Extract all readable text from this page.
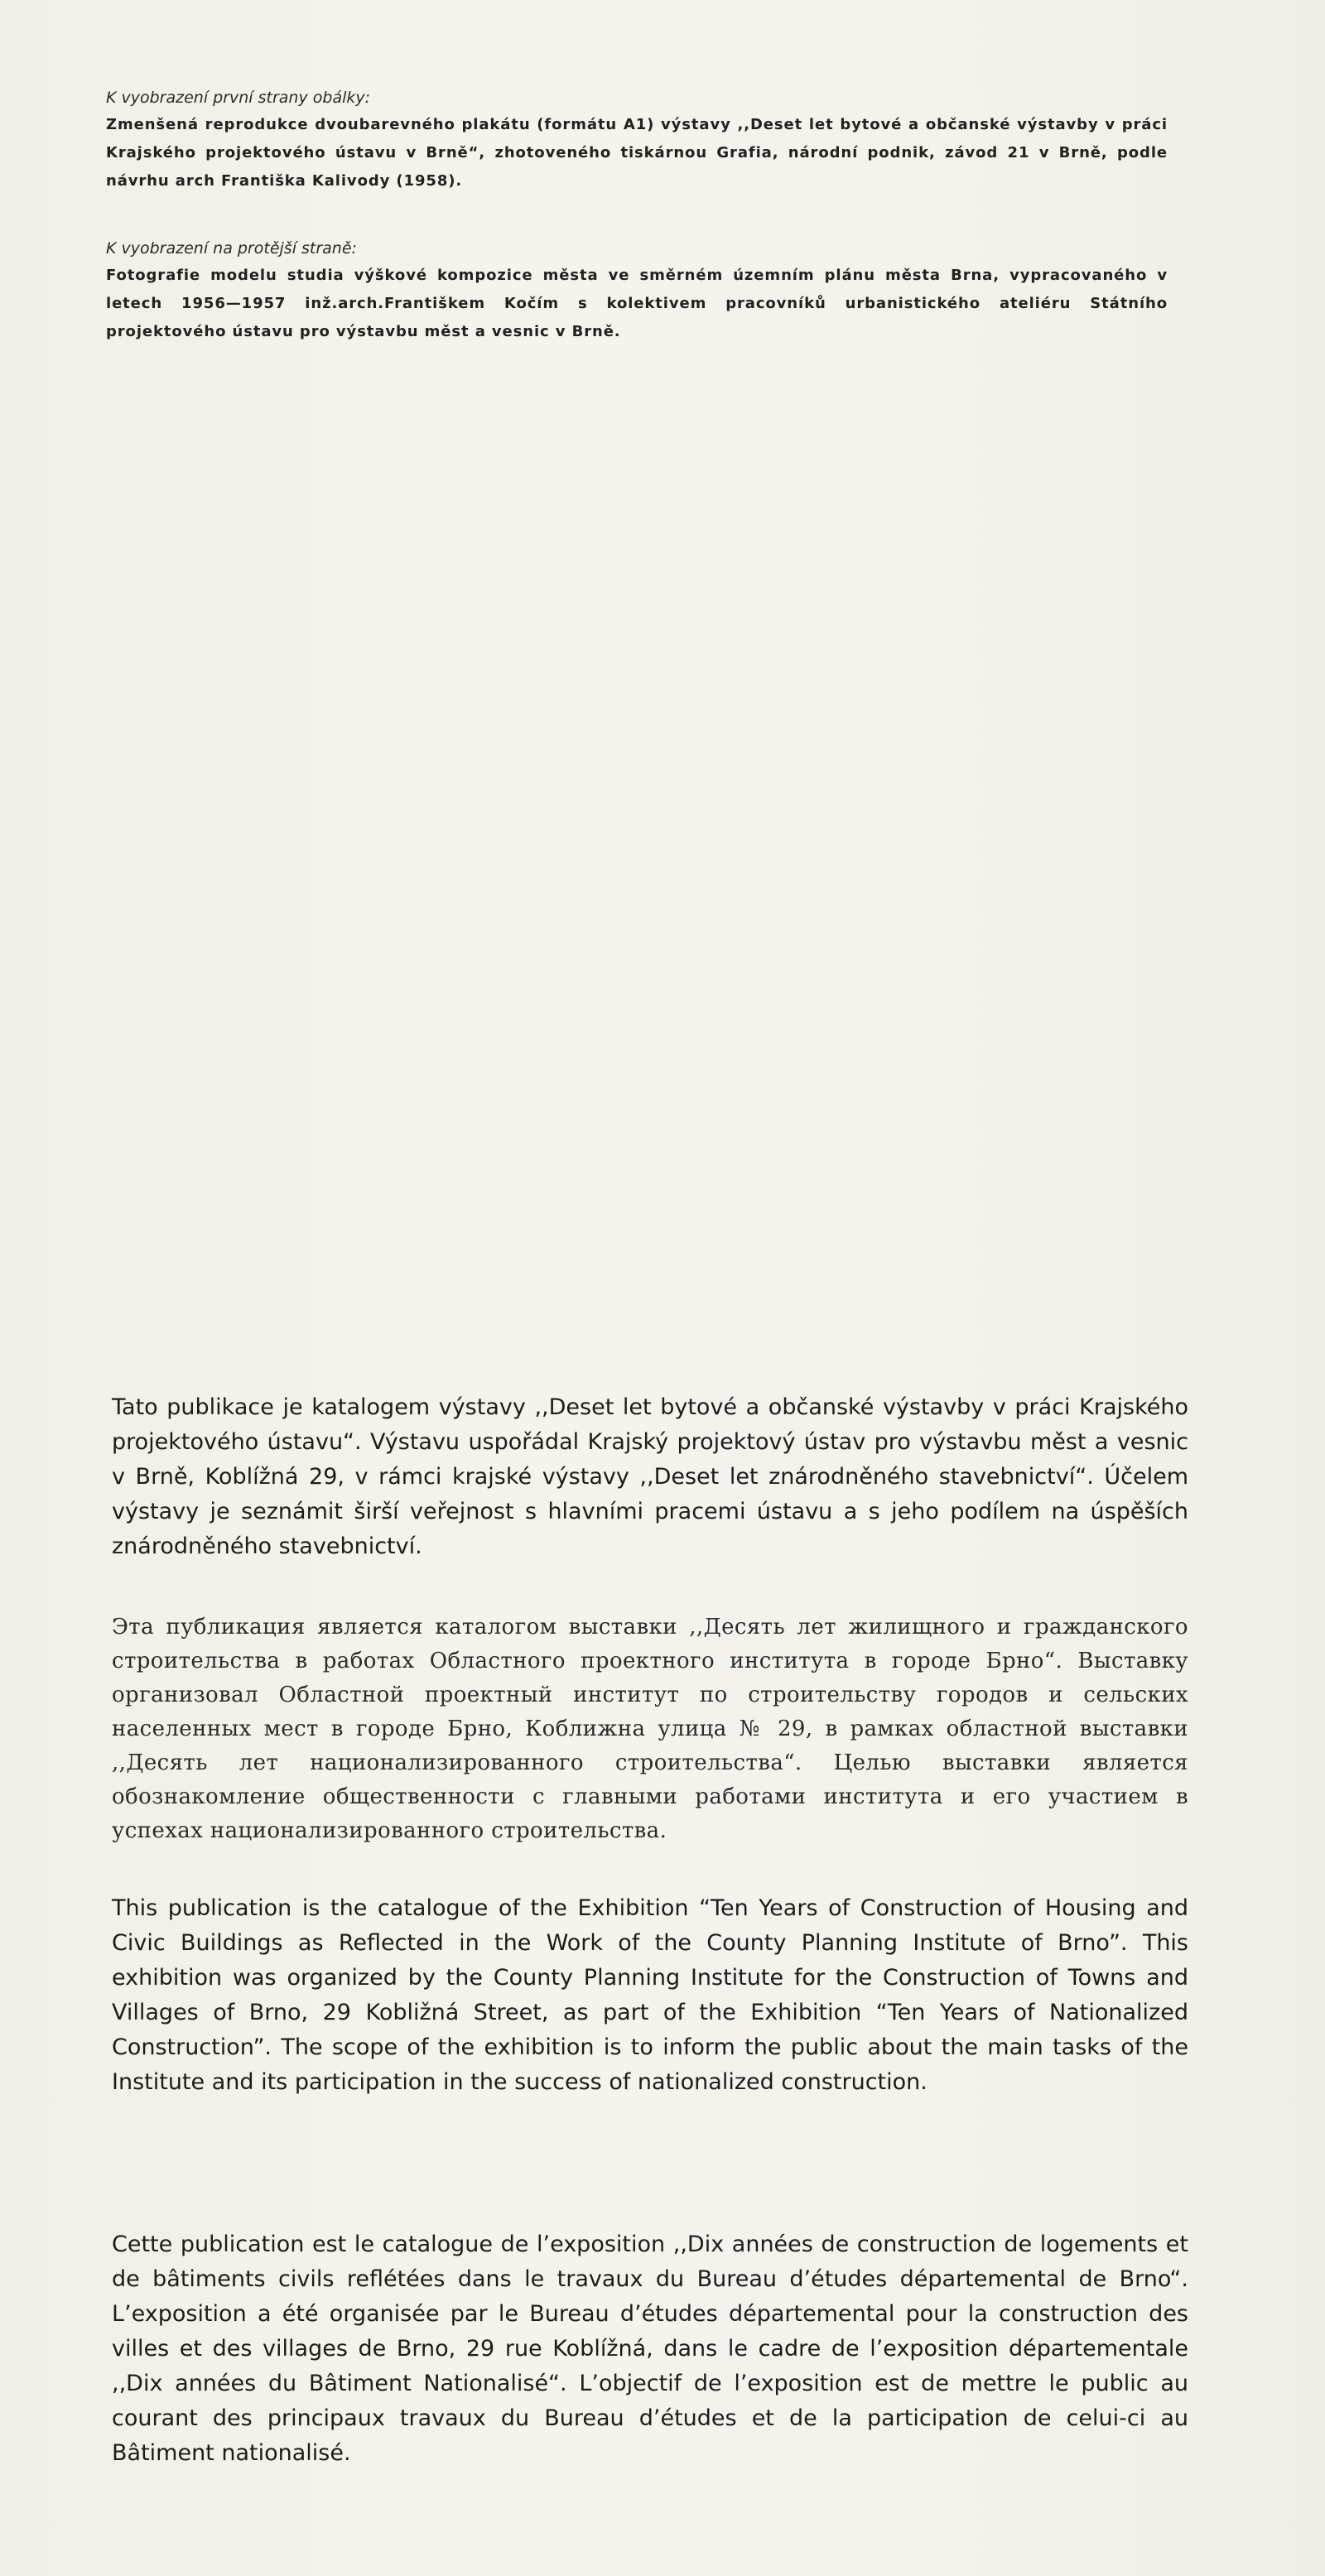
K vyobrazení první strany obálky:

Zmenšená reprodukce dvoubarevného plakátu (formátu A1) výstavy ,,Deset let bytové a občanské výstavby v práci Krajského projektového ústavu v Brně“, zhotoveného tiskárnou Grafia, národní podnik, závod 21 v Brně, podle návrhu arch Františka Kalivody (1958).

K vyobrazení na protější straně:

Fotografie modelu studia výškové kompozice města ve směrném územním plánu města Brna, vypracovaného v letech 1956—1957 inž.arch.Františkem Kočím s kolektivem pracovníků urbanistického ateliéru Státního projektového ústavu pro výstavbu měst a vesnic v Brně.

Tato publikace je katalogem výstavy ,,Deset let bytové a občanské výstavby v práci Krajského projektového ústavu“. Výstavu uspořádal Krajský projektový ústav pro výstavbu měst a vesnic v Brně, Koblížná 29, v rámci krajské výstavy ,,Deset let znárodněného stavebnictví“. Účelem výstavy je seznámit širší veřejnost s hlavními pracemi ústavu a s jeho podílem na úspěších znárodněného stavebnictví.

Эта публикация является каталогом выставки ,,Десять лет жилищного и гражданского строительства в работах Областного проектного института в городе Брно“. Выставку организовал Областной проектный институт по строительству городов и сельских населенных мест в городе Брно, Коближна улица № 29, в рамках областной выставки ,,Десять лет национализированного строительства“. Целью выставки является обознакомление общественности с главными работами института и его участием в успехах национализированного строительства.

This publication is the catalogue of the Exhibition “Ten Years of Construction of Housing and Civic Buildings as Reflected in the Work of the County Planning Institute of Brno”. This exhibition was organized by the County Planning Institute for the Construction of Towns and Villages of Brno, 29 Kobližná Street, as part of the Exhibition “Ten Years of Nationalized Construction”. The scope of the exhibition is to inform the public about the main tasks of the Institute and its participation in the success of nationalized construction.

Cette publication est le catalogue de l’exposition ,,Dix années de construction de logements et de bâtiments civils reflétées dans le travaux du Bureau d’études départemental de Brno“. L’exposition a été organisée par le Bureau d’études départemental pour la construction des villes et des villages de Brno, 29 rue Koblížná, dans le cadre de l’exposition départementale ,,Dix années du Bâtiment Nationalisé“. L’objectif de l’exposition est de mettre le public au courant des principaux travaux du Bureau d’études et de la participation de celui-ci au Bâtiment nationalisé.
